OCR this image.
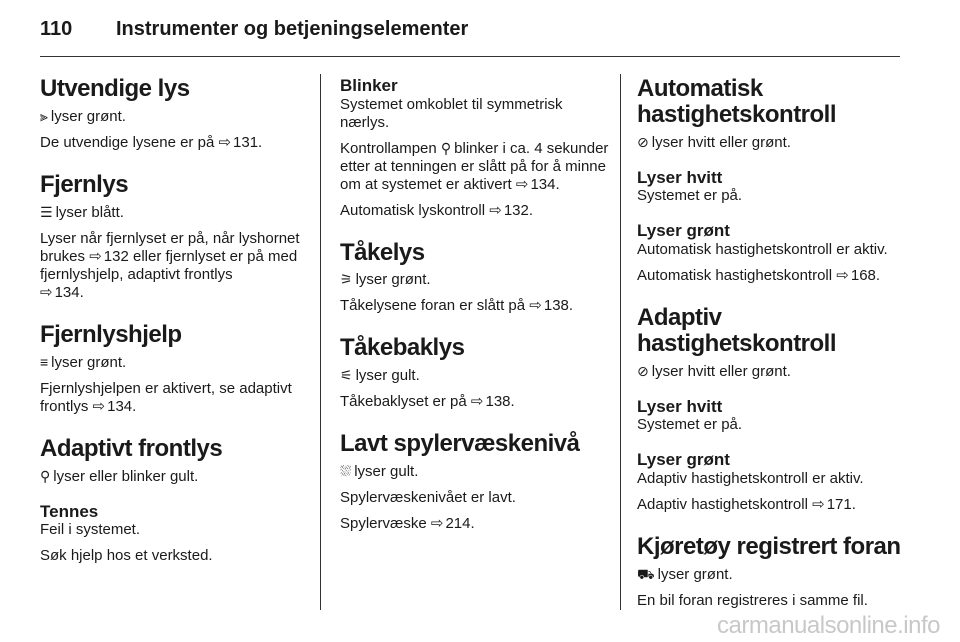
110 Instrumenter og betjeningselementer
Utvendige lys

⫸ lyser grønt.

De utvendige lysene er på ⇨ 131.

Fjernlys

☰ lyser blått.

Lyser når fjernlyset er på, når lyshornet brukes ⇨ 132 eller fjernlyset er på med fjernlyshjelp, adaptivt frontlys
⇨ 134.

Fjernlyshjelp

≡ lyser grønt.

Fjernlyshjelpen er aktivert, se adaptivt frontlys ⇨ 134.

Adaptivt frontlys

⚲ lyser eller blinker gult.

Tennes

Feil i systemet.

Søk hjelp hos et verksted.

Blinker

Systemet omkoblet til symmetrisk nærlys.

Kontrollampen ⚲ blinker i ca. 4 sekunder etter at tenningen er slått på for å minne om at systemet er aktivert ⇨ 134.

Automatisk lyskontroll ⇨ 132.

Tåkelys

⚞ lyser grønt.

Tåkelysene foran er slått på ⇨ 138.

Tåkebaklys

⚟ lyser gult.

Tåkebaklyset er på ⇨ 138.

Lavt spylervæskenivå

⛆ lyser gult.

Spylervæskenivået er lavt.

Spylervæske ⇨ 214.

Automatisk hastighetskontroll

⊘ lyser hvitt eller grønt.

Lyser hvitt

Systemet er på.

Lyser grønt

Automatisk hastighetskontroll er aktiv.

Automatisk hastighetskontroll ⇨ 168.

Adaptiv hastighetskontroll

⊘ lyser hvitt eller grønt.

Lyser hvitt

Systemet er på.

Lyser grønt

Adaptiv hastighetskontroll er aktiv.

Adaptiv hastighetskontroll ⇨ 171.

Kjøretøy registrert foran

⛟ lyser grønt.

En bil foran registreres i samme fil.

carmanualsonline.info
